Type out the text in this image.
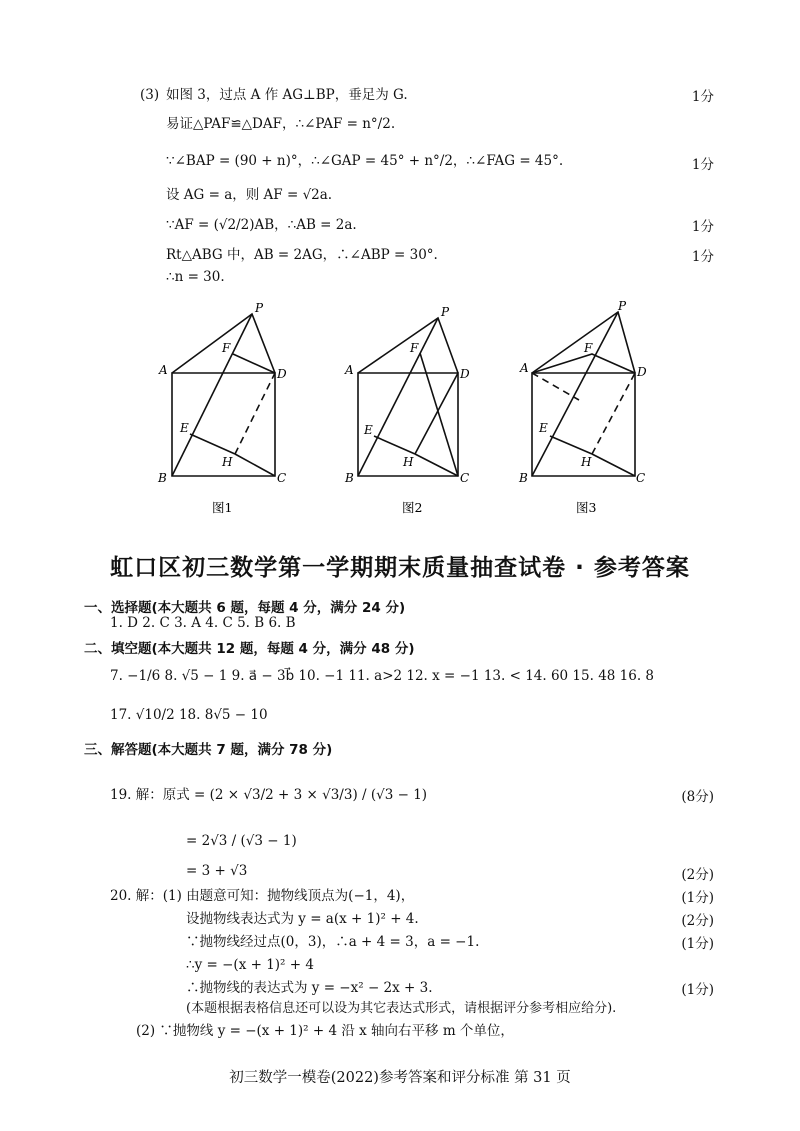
(3) 如图 3，过点 A 作 AG⊥BP，垂足为 G.	1分
易证△PAF≌△DAF，∴∠PAF = n°/2.
∵∠BAP = (90 + n)°，∴∠GAP = 45° + n°/2，∴∠FAG = 45°.	1分
设 AG = a，则 AF = √2a.
∵AF = (√2/2)AB，∴AB = 2a.	1分
Rt△ABG 中，AB = 2AG，∴∠ABP = 30°.	1分
∴n = 30.
P
A
F
D
E
H
B	C
图1
P
A
F
D
E
H
B	C
图2
P
A
F
D
E
H
B	C
图3
虹口区初三数学第一学期期末质量抽查试卷 · 参考答案
一、选择题(本大题共 6 题，每题 4 分，满分 24 分)
1. D 2. C 3. A 4. C 5. B 6. B
二、填空题(本大题共 12 题，每题 4 分，满分 48 分)
7. −1/6 8. √5 − 1 9. a⃗ − 3b⃗ 10. −1 11. a>2 12. x = −1 13. < 14. 60 15. 48 16. 8
17. √10/2 18. 8√5 − 10
三、解答题(本大题共 7 题，满分 78 分)
19. 解：原式 = (2 × √3/2 + 3 × √3/3) / (√3 − 1)	(8分)
= 2√3 / (√3 − 1)
= 3 + √3	(2分)
20. 解：(1) 由题意可知：抛物线顶点为(−1，4)，	(1分)
设抛物线表达式为 y = a(x + 1)² + 4.	(2分)
∵抛物线经过点(0，3)，∴a + 4 = 3，a = −1.	(1分)
∴y = −(x + 1)² + 4
∴抛物线的表达式为 y = −x² − 2x + 3.	(1分)
(本题根据表格信息还可以设为其它表达式形式，请根据评分参考相应给分).
(2) ∵抛物线 y = −(x + 1)² + 4 沿 x 轴向右平移 m 个单位，
初三数学一模卷(2022)参考答案和评分标准 第 31 页
